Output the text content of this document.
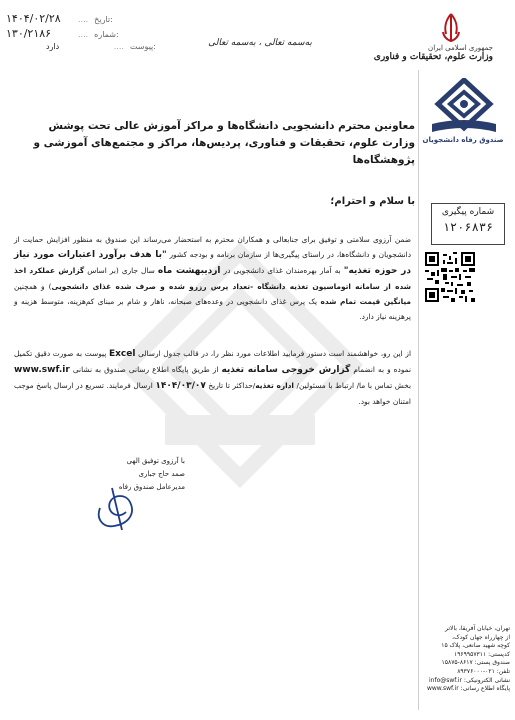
۱۴۰۴/۰۲/۲۸	.... تاریخ:
۱۳۰/۲۱۸۶	.... شماره:
دارد	.... پیوست:	به‌سمه تعالی ، به‌سمه تعالی	جمهوری اسلامی ایران
وزارت علوم، تحقیقات و فناوری
صندوق رفاه دانشجویان
شماره پیگیری
۱۲۰۶۸۳۶
تهران، خیابان آفریقا، بالاتر
از چهارراه جهان کودک،
کوچه شهید صانعی، پلاک ۱۵
کدپستی: ۱۹۶۹۹۵۷۳۱۱
صندوق پستی: ۸۶۱۷-۱۵۸۷۵
تلفن: ۰۲۱-۸۹۳۷۶۰۰۰
نشانی الکترونیکی: info@swf.ir
پایگاه اطلاع رسانی: www.swf.ir
معاونین محترم دانشجویی دانشگاه‌ها و مراکز آموزش عالی تحت پوشش وزارت علوم، تحقیقات و فناوری، پردیس‌ها، مراکز و مجتمع‌های آموزشی و پژوهشگاه‌ها
با سلام و احترام؛
ضمن آرزوی سلامتی و توفیق برای جنابعالی و همکاران محترم به استحضار می‌رساند این صندوق به منظور افزایش حمایت از دانشجویان و دانشگاه‌ها، در راستای پیگیری‌ها از سازمان برنامه و بودجه کشور "با هدف برآورد اعتبارات مورد نیاز در حوزه تغذیه" به آمار بهره‌مندان غذای دانشجویی در اردیبهشت ماه سال جاری (بر اساس گزارش عملکرد اخذ شده از سامانه اتوماسیون تغذیه دانشگاه -تعداد پرس رزرو شده و صرف شده غذای دانشجویی) و همچنین میانگین قیمت تمام شده یک پرس غذای دانشجویی در وعده‌های صبحانه، ناهار و شام بر مبنای کم‌هزینه، متوسط هزینه و پرهزینه نیاز دارد.
از این رو، خواهشمند است دستور فرمایید اطلاعات مورد نظر را، در قالب جدول ارسالی Excel پیوست به صورت دقیق تکمیل نموده و به انضمام گزارش خروجی سامانه تغذیه از طریق پایگاه اطلاع رسانی صندوق به نشانی www.swf.ir بخش تماس با ما/ ارتباط با مسئولین/ اداره تغذیه/حداکثر تا تاریخ ۱۴۰۴/۰۳/۰۷ ارسال فرمایند. تسریع در ارسال پاسخ موجب امتنان خواهد بود.
با آرزوی توفیق الهی
صمد حاج جباری
مدیرعامل صندوق رفاه
